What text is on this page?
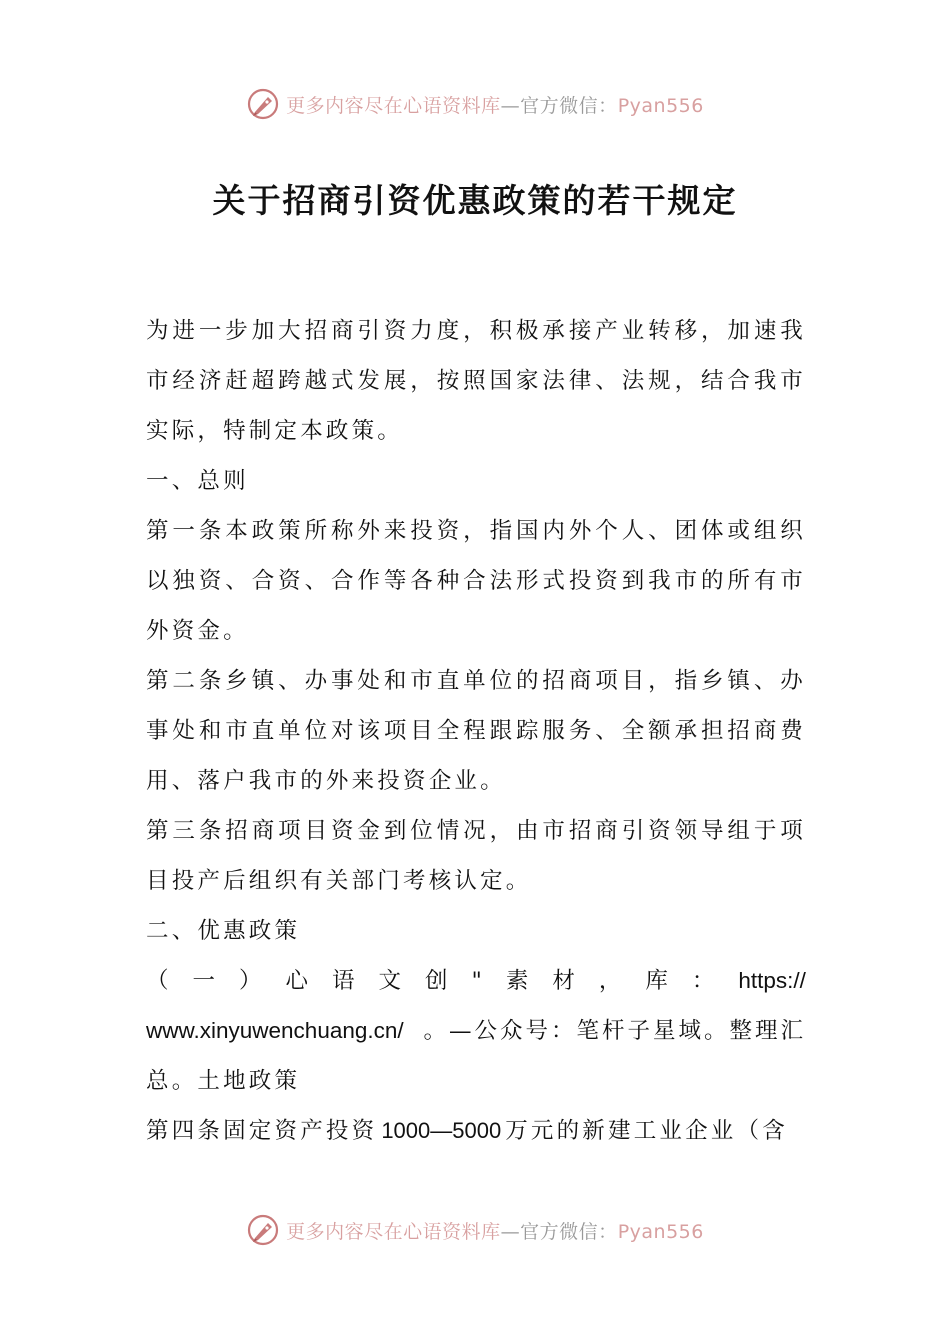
更多内容尽在心语资料库—官方微信：Pyan556
关于招商引资优惠政策的若干规定

为进一步加大招商引资力度，积极承接产业转移，加速我市经济赶超跨越式发展，按照国家法律、法规，结合我市实际，特制定本政策。

一、总则

第一条本政策所称外来投资，指国内外个人、团体或组织以独资、合资、合作等各种合法形式投资到我市的所有市外资金。

第二条乡镇、办事处和市直单位的招商项目，指乡镇、办事处和市直单位对该项目全程跟踪服务、全额承担招商费用、落户我市的外来投资企业。

第三条招商项目资金到位情况，由市招商引资领导组于项目投产后组织有关部门考核认定。

二、优惠政策

（ 一 ） 心 语 文 创 " 素 材 ， 库 ： https://
www.xinyuwenchuang.cn/ 。—公众号：笔杆子星域。整理汇

总。土地政策

第四条固定资产投资 1000—5000 万元的新建工业企业（含

更多内容尽在心语资料库—官方微信：Pyan556
